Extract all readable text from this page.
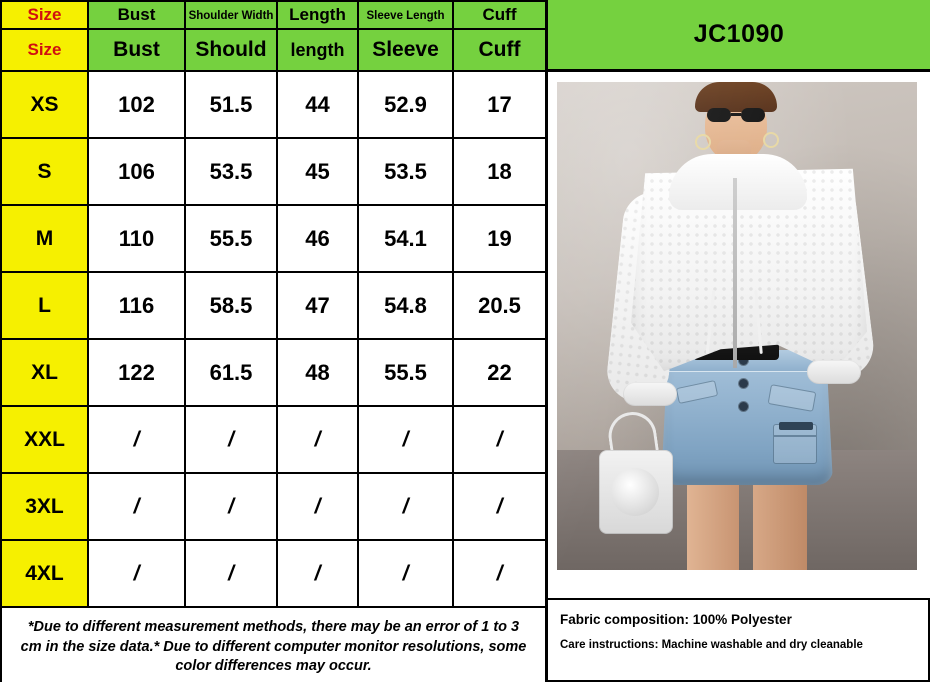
Size	Bust	Shoulder Width	Length	Sleeve Length	Cuff
Size	Bust	Should	length	Sleeve	Cuff
XS	102	51.5	44	52.9	17
S	106	53.5	45	53.5	18
M	110	55.5	46	54.1	19
L	116	58.5	47	54.8	20.5
XL	122	61.5	48	55.5	22
XXL	/	/	/	/	/
3XL	/	/	/	/	/
4XL	/	/	/	/	/

*Due to different measurement methods, there may be an error of 1 to 3 cm in the size data.* Due to different computer monitor resolutions, some color differences may occur.

JC1090

Fabric composition: 100% Polyester

Care instructions: Machine washable and dry cleanable
